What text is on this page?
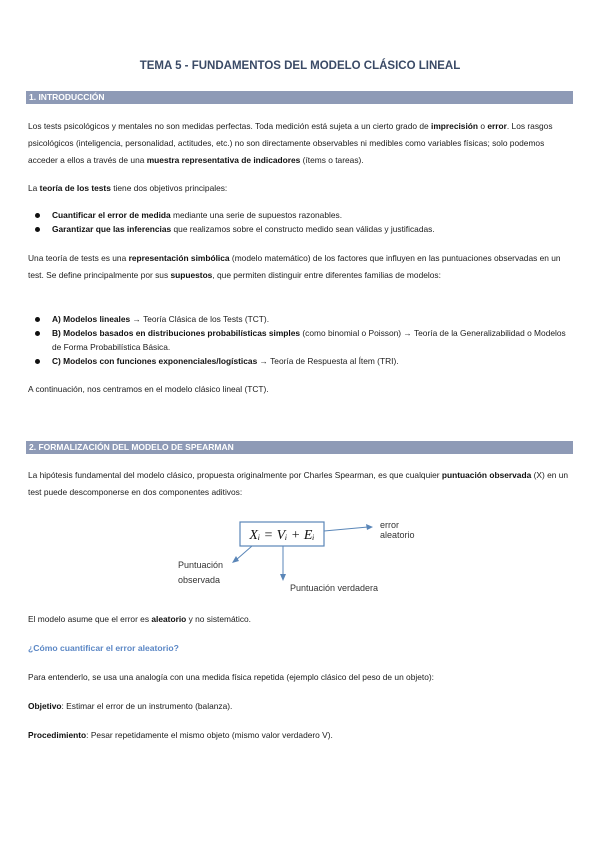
TEMA 5 - FUNDAMENTOS DEL MODELO CLÁSICO LINEAL
1. INTRODUCCIÓN

Los tests psicológicos y mentales no son medidas perfectas. Toda medición está sujeta a un cierto grado de imprecisión o error. Los rasgos psicológicos (inteligencia, personalidad, actitudes, etc.) no son directamente observables ni medibles como variables físicas; solo podemos acceder a ellos a través de una muestra representativa de indicadores (ítems o tareas).

La teoría de los tests tiene dos objetivos principales:

Cuantificar el error de medida mediante una serie de supuestos razonables.
Garantizar que las inferencias que realizamos sobre el constructo medido sean válidas y justificadas.

Una teoría de tests es una representación simbólica (modelo matemático) de los factores que influyen en las puntuaciones observadas en un test. Se define principalmente por sus supuestos, que permiten distinguir entre diferentes familias de modelos:

A) Modelos lineales → Teoría Clásica de los Tests (TCT).
B) Modelos basados en distribuciones probabilísticas simples (como binomial o Poisson) → Teoría de la Generalizabilidad o Modelos de Forma Probabilística Básica.
C) Modelos con funciones exponenciales/logísticas → Teoría de Respuesta al Ítem (TRI).

A continuación, nos centramos en el modelo clásico lineal (TCT).

2. FORMALIZACIÓN DEL MODELO DE SPEARMAN

La hipótesis fundamental del modelo clásico, propuesta originalmente por Charles Spearman, es que cualquier puntuación observada (X) en un test puede descomponerse en dos componentes aditivos:

Xᵢ = Vᵢ + Eᵢ
error aleatorio
Puntuación observada
Puntuación verdadera

El modelo asume que el error es aleatorio y no sistemático.

¿Cómo cuantificar el error aleatorio?

Para entenderlo, se usa una analogía con una medida física repetida (ejemplo clásico del peso de un objeto):

Objetivo: Estimar el error de un instrumento (balanza).

Procedimiento: Pesar repetidamente el mismo objeto (mismo valor verdadero V).
